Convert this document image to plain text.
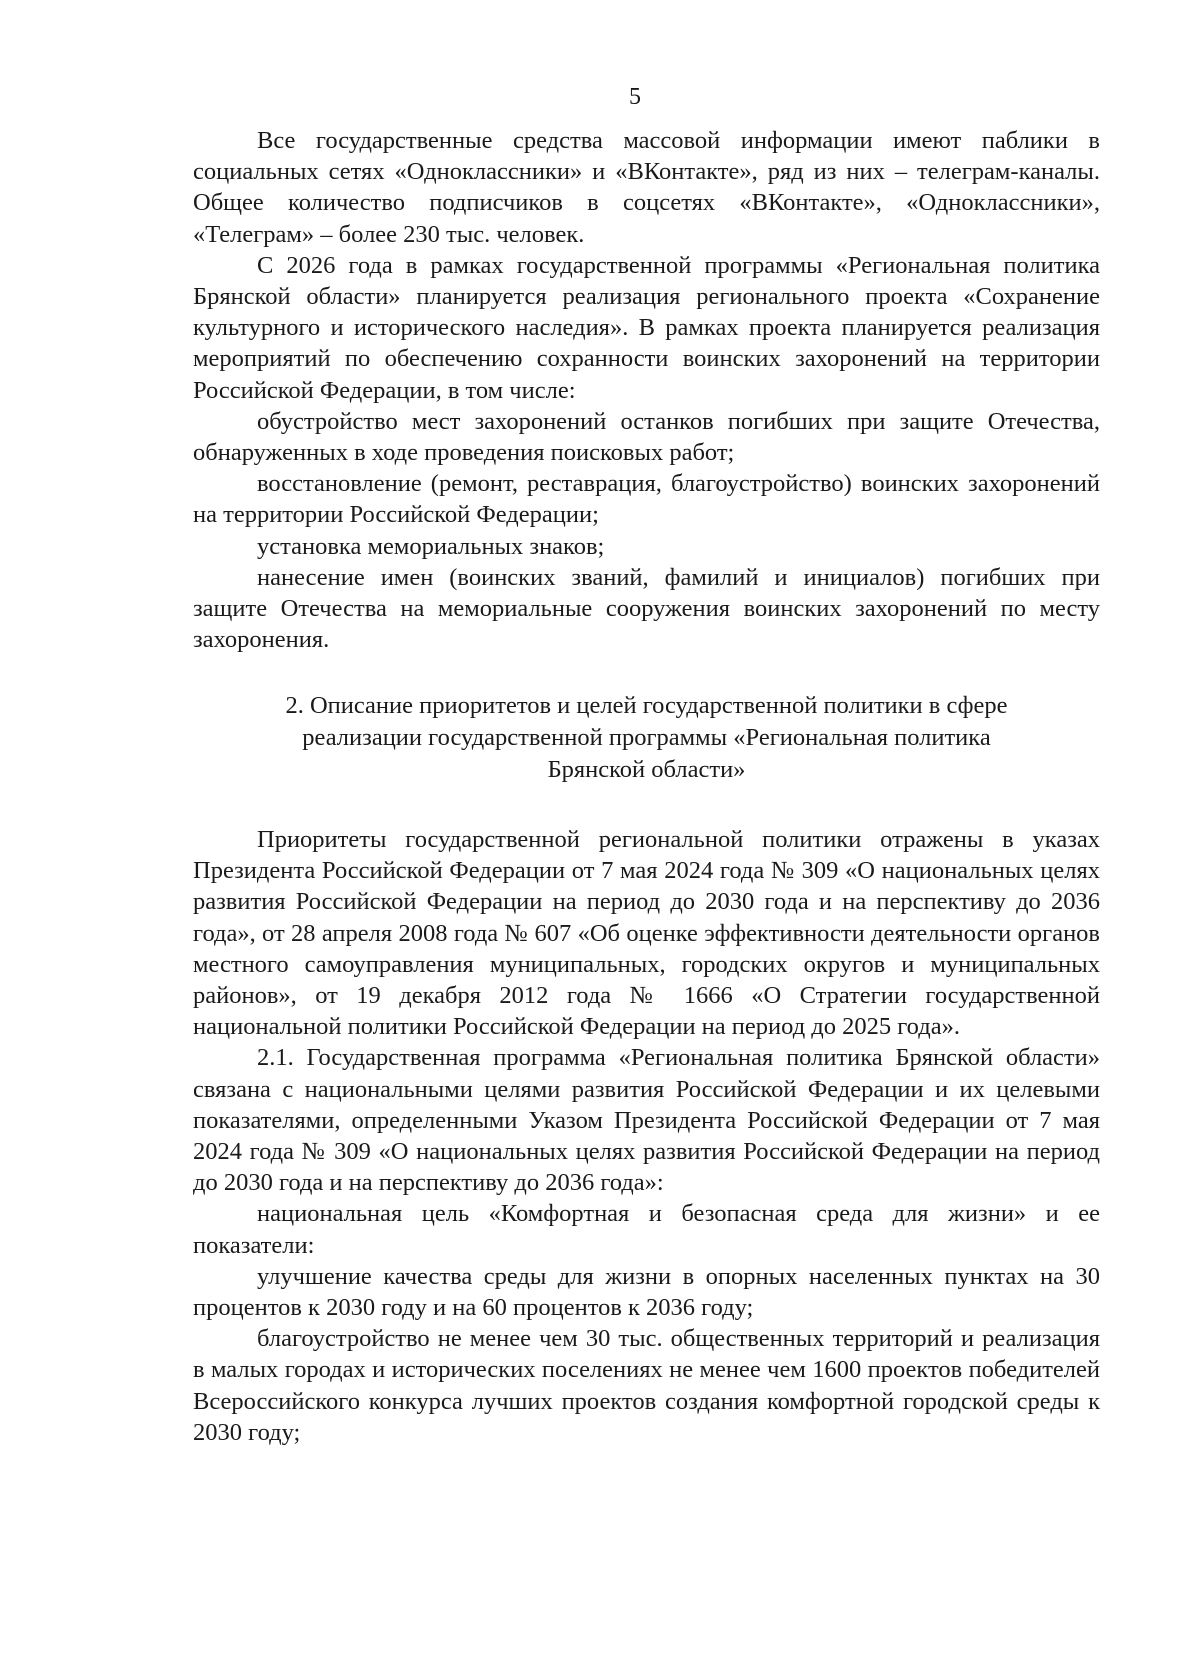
5

Все государственные средства массовой информации имеют паблики в социальных сетях «Одноклассники» и «ВКонтакте», ряд из них – телеграм-каналы. Общее количество подписчиков в соцсетях «ВКонтакте», «Одноклассники», «Телеграм» – более 230 тыс. человек.

С 2026 года в рамках государственной программы «Региональная политика Брянской области» планируется реализация регионального проекта «Сохранение культурного и исторического наследия». В рамках проекта планируется реализация мероприятий по обеспечению сохранности воинских захоронений на территории Российской Федерации, в том числе:

обустройство мест захоронений останков погибших при защите Отечества, обнаруженных в ходе проведения поисковых работ;

восстановление (ремонт, реставрация, благоустройство) воинских захоронений на территории Российской Федерации;

установка мемориальных знаков;

нанесение имен (воинских званий, фамилий и инициалов) погибших при защите Отечества на мемориальные сооружения воинских захоронений по месту захоронения.

2. Описание приоритетов и целей государственной политики в сфере
реализации государственной программы «Региональная политика
Брянской области»

Приоритеты государственной региональной политики отражены в указах Президента Российской Федерации от 7 мая 2024 года № 309 «О национальных целях развития Российской Федерации на период до 2030 года и на перспективу до 2036 года», от 28 апреля 2008 года № 607 «Об оценке эффективности деятельности органов местного самоуправления муниципальных, городских округов и муниципальных районов», от 19 декабря 2012 года № 1666 «О Стратегии государственной национальной политики Российской Федерации на период до 2025 года».

2.1. Государственная программа «Региональная политика Брянской области» связана с национальными целями развития Российской Федерации и их целевыми показателями, определенными Указом Президента Российской Федерации от 7 мая 2024 года № 309 «О национальных целях развития Российской Федерации на период до 2030 года и на перспективу до 2036 года»:

национальная цель «Комфортная и безопасная среда для жизни» и ее показатели:

улучшение качества среды для жизни в опорных населенных пунктах на 30 процентов к 2030 году и на 60 процентов к 2036 году;

благоустройство не менее чем 30 тыс. общественных территорий и реализация в малых городах и исторических поселениях не менее чем 1600 проектов победителей Всероссийского конкурса лучших проектов создания комфортной городской среды к 2030 году;
